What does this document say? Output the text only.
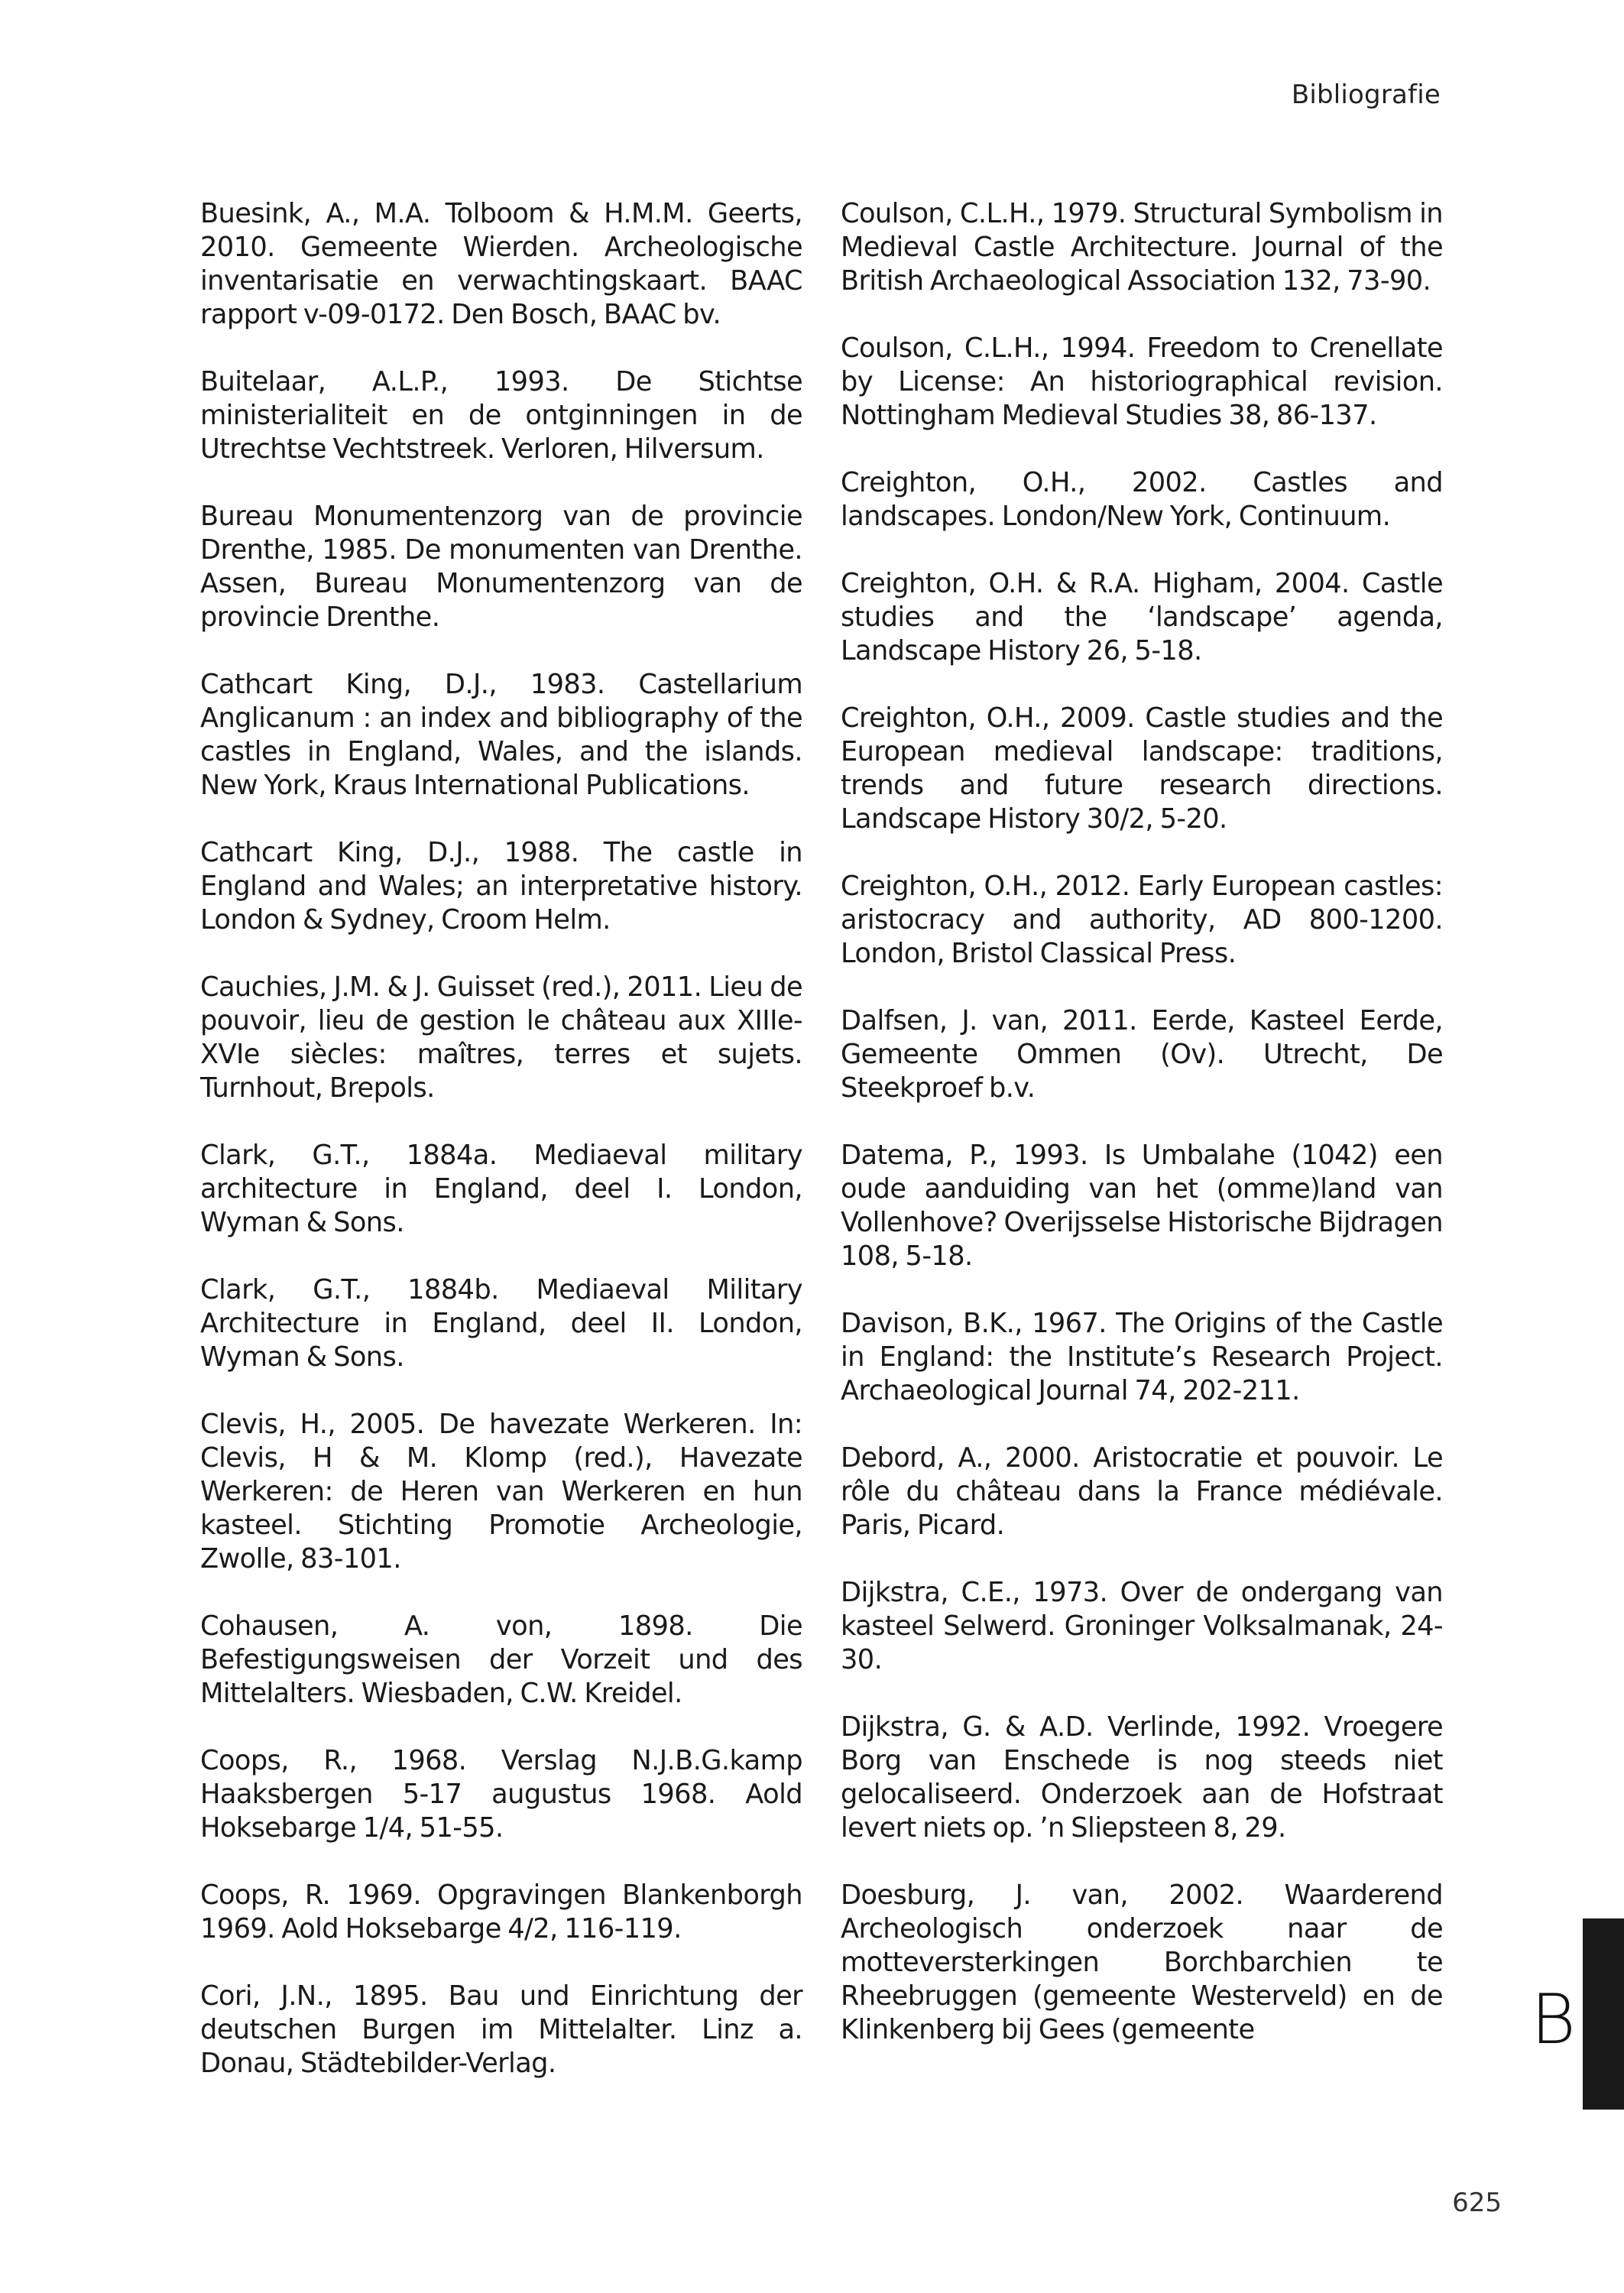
Bibliografie

Buesink, A., M.A. Tolboom & H.M.M. Geerts, 2010. Gemeente Wierden. Archeologische inventarisatie en verwachtingskaart. BAAC rapport v-09-0172. Den Bosch, BAAC bv.

Buitelaar, A.L.P., 1993. De Stichtse ministerialiteit en de ontginningen in de Utrechtse Vechtstreek. Verloren, Hilversum.

Bureau Monumentenzorg van de provincie Drenthe, 1985. De monumenten van Drenthe. Assen, Bureau Monumentenzorg van de provincie Drenthe.

Cathcart King, D.J., 1983. Castellarium Anglicanum : an index and bibliography of the castles in England, Wales, and the islands. New York, Kraus International Publications.

Cathcart King, D.J., 1988. The castle in England and Wales; an interpretative history. London & Sydney, Croom Helm.

Cauchies, J.M. & J. Guisset (red.), 2011. Lieu de pouvoir, lieu de gestion le château aux XIIIe-XVIe siècles: maîtres, terres et sujets. Turnhout, Brepols.

Clark, G.T., 1884a. Mediaeval military architecture in England, deel I. London, Wyman & Sons.

Clark, G.T., 1884b. Mediaeval Military Architecture in England, deel II. London, Wyman & Sons.

Clevis, H., 2005. De havezate Werkeren. In: Clevis, H & M. Klomp (red.), Havezate Werkeren: de Heren van Werkeren en hun kasteel. Stichting Promotie Archeologie, Zwolle, 83-101.

Cohausen, A. von, 1898. Die Befestigungsweisen der Vorzeit und des Mittelalters. Wiesbaden, C.W. Kreidel.

Coops, R., 1968. Verslag N.J.B.G.kamp Haaksbergen 5-17 augustus 1968. Aold Hoksebarge 1/4, 51-55.

Coops, R. 1969. Opgravingen Blankenborgh 1969. Aold Hoksebarge 4/2, 116-119.

Cori, J.N., 1895. Bau und Einrichtung der deutschen Burgen im Mittelalter. Linz a. Donau, Städtebilder-Verlag.

Coulson, C.L.H., 1979. Structural Symbolism in Medieval Castle Architecture. Journal of the British Archaeological Association 132, 73-90.

Coulson, C.L.H., 1994. Freedom to Crenellate by License: An historiographical revision. Nottingham Medieval Studies 38, 86-137.

Creighton, O.H., 2002. Castles and landscapes. London/New York, Continuum.

Creighton, O.H. & R.A. Higham, 2004. Castle studies and the ‘landscape’ agenda, Landscape History 26, 5-18.

Creighton, O.H., 2009. Castle studies and the European medieval landscape: traditions, trends and future research directions. Landscape History 30/2, 5-20.

Creighton, O.H., 2012. Early European castles: aristocracy and authority, AD 800-1200. London, Bristol Classical Press.

Dalfsen, J. van, 2011. Eerde, Kasteel Eerde, Gemeente Ommen (Ov). Utrecht, De Steekproef b.v.

Datema, P., 1993. Is Umbalahe (1042) een oude aanduiding van het (omme)land van Vollenhove? Overijsselse Historische Bijdragen 108, 5-18.

Davison, B.K., 1967. The Origins of the Castle in England: the Institute’s Research Project. Archaeological Journal 74, 202-211.

Debord, A., 2000. Aristocratie et pouvoir. Le rôle du château dans la France médiévale. Paris, Picard.

Dijkstra, C.E., 1973. Over de ondergang van kasteel Selwerd. Groninger Volksalmanak, 24-30.

Dijkstra, G. & A.D. Verlinde, 1992. Vroegere Borg van Enschede is nog steeds niet gelocaliseerd. Onderzoek aan de Hofstraat levert niets op. ’n Sliepsteen 8, 29.

Doesburg, J. van, 2002. Waarderend Archeologisch onderzoek naar de motteversterkingen Borchbarchien te Rheebruggen (gemeente Westerveld) en de Klinkenberg bij Gees (gemeente	B
625
